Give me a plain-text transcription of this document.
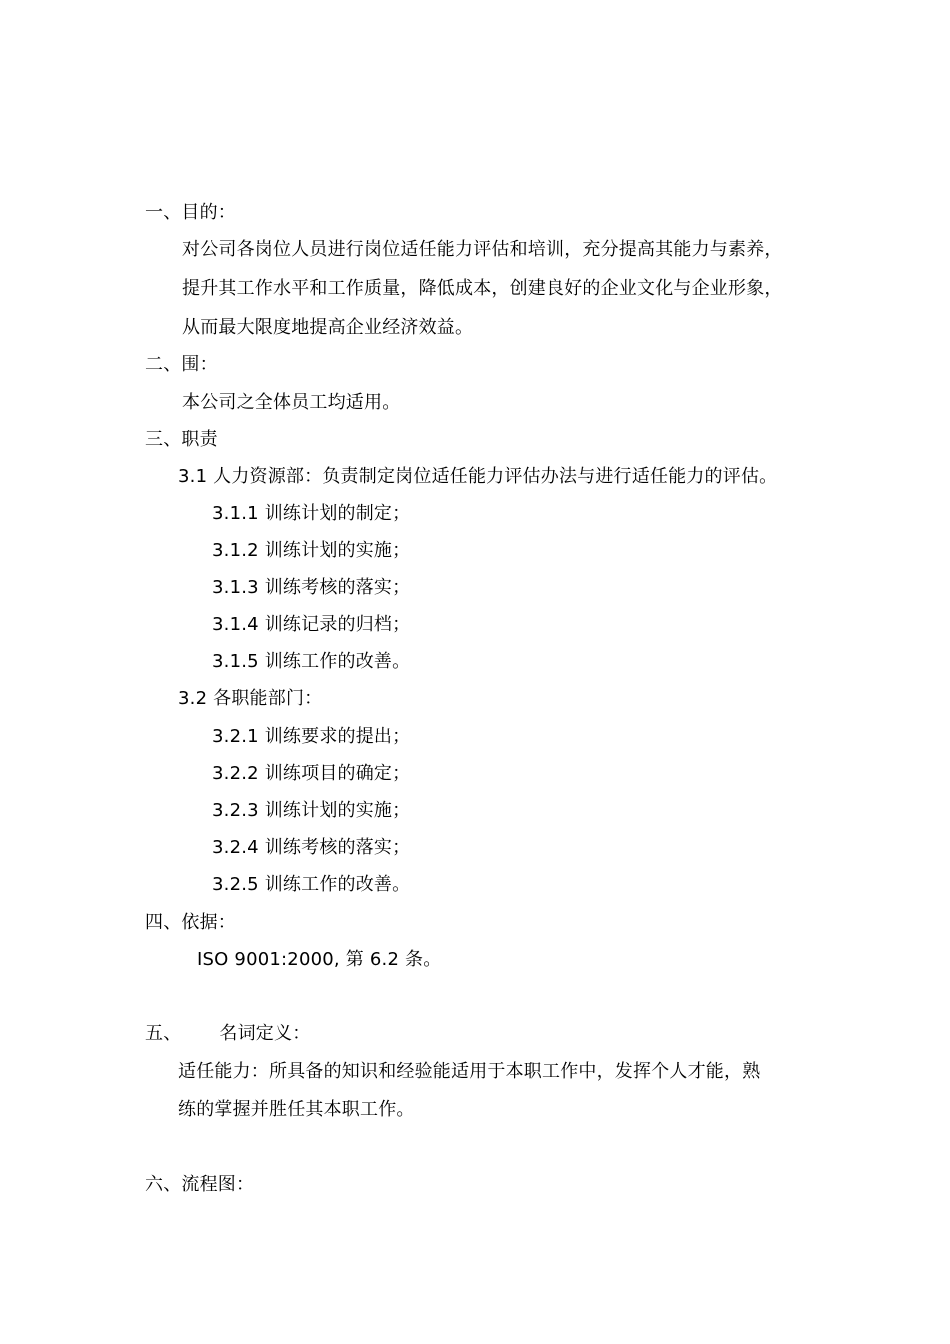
一、目的：
对公司各岗位人员进行岗位适任能力评估和培训，充分提高其能力与素养，
提升其工作水平和工作质量，降低成本，创建良好的企业文化与企业形象，
从而最大限度地提高企业经济效益。
二、围：
本公司之全体员工均适用。
三、职责
3.1 人力资源部：负责制定岗位适任能力评估办法与进行适任能力的评估。
3.1.1 训练计划的制定；
3.1.2 训练计划的实施；
3.1.3 训练考核的落实；
3.1.4 训练记录的归档；
3.1.5 训练工作的改善。
3.2 各职能部门：
3.2.1 训练要求的提出；
3.2.2 训练项目的确定；
3.2.3 训练计划的实施；
3.2.4 训练考核的落实；
3.2.5 训练工作的改善。
四、依据：
ISO 9001:2000, 第 6.2 条。
五、 名词定义：
适任能力：所具备的知识和经验能适用于本职工作中，发挥个人才能，熟
练的掌握并胜任其本职工作。
六、流程图：
